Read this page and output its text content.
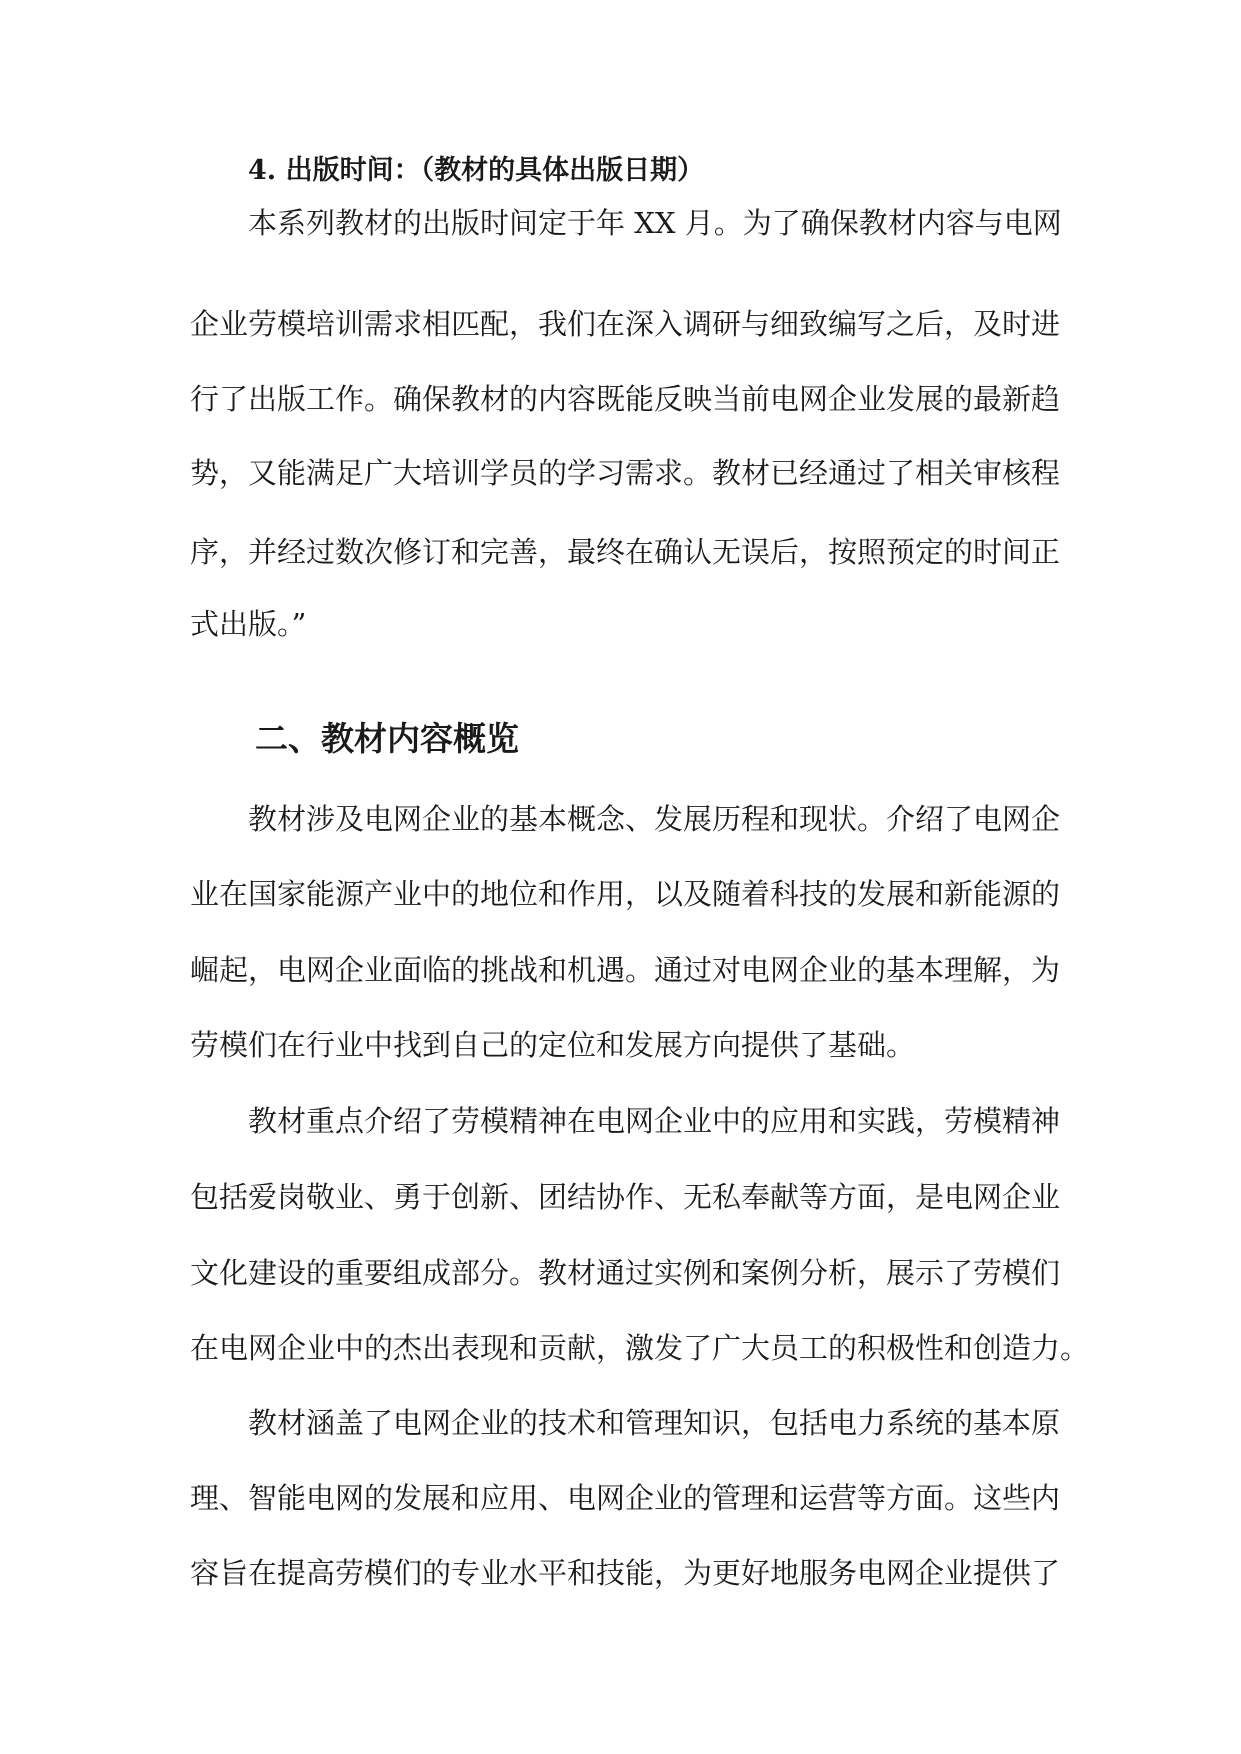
4. 出版时间：（教材的具体出版日期）
本系列教材的出版时间定于年 XX 月。为了确保教材内容与电网
企业劳模培训需求相匹配，我们在深入调研与细致编写之后，及时进
行了出版工作。确保教材的内容既能反映当前电网企业发展的最新趋
势，又能满足广大培训学员的学习需求。教材已经通过了相关审核程
序，并经过数次修订和完善，最终在确认无误后，按照预定的时间正
式出版。”
二、教材内容概览
教材涉及电网企业的基本概念、发展历程和现状。介绍了电网企
业在国家能源产业中的地位和作用，以及随着科技的发展和新能源的
崛起，电网企业面临的挑战和机遇。通过对电网企业的基本理解，为
劳模们在行业中找到自己的定位和发展方向提供了基础。
教材重点介绍了劳模精神在电网企业中的应用和实践，劳模精神
包括爱岗敬业、勇于创新、团结协作、无私奉献等方面，是电网企业
文化建设的重要组成部分。教材通过实例和案例分析，展示了劳模们
在电网企业中的杰出表现和贡献，激发了广大员工的积极性和创造力。
教材涵盖了电网企业的技术和管理知识，包括电力系统的基本原
理、智能电网的发展和应用、电网企业的管理和运营等方面。这些内
容旨在提高劳模们的专业水平和技能，为更好地服务电网企业提供了
